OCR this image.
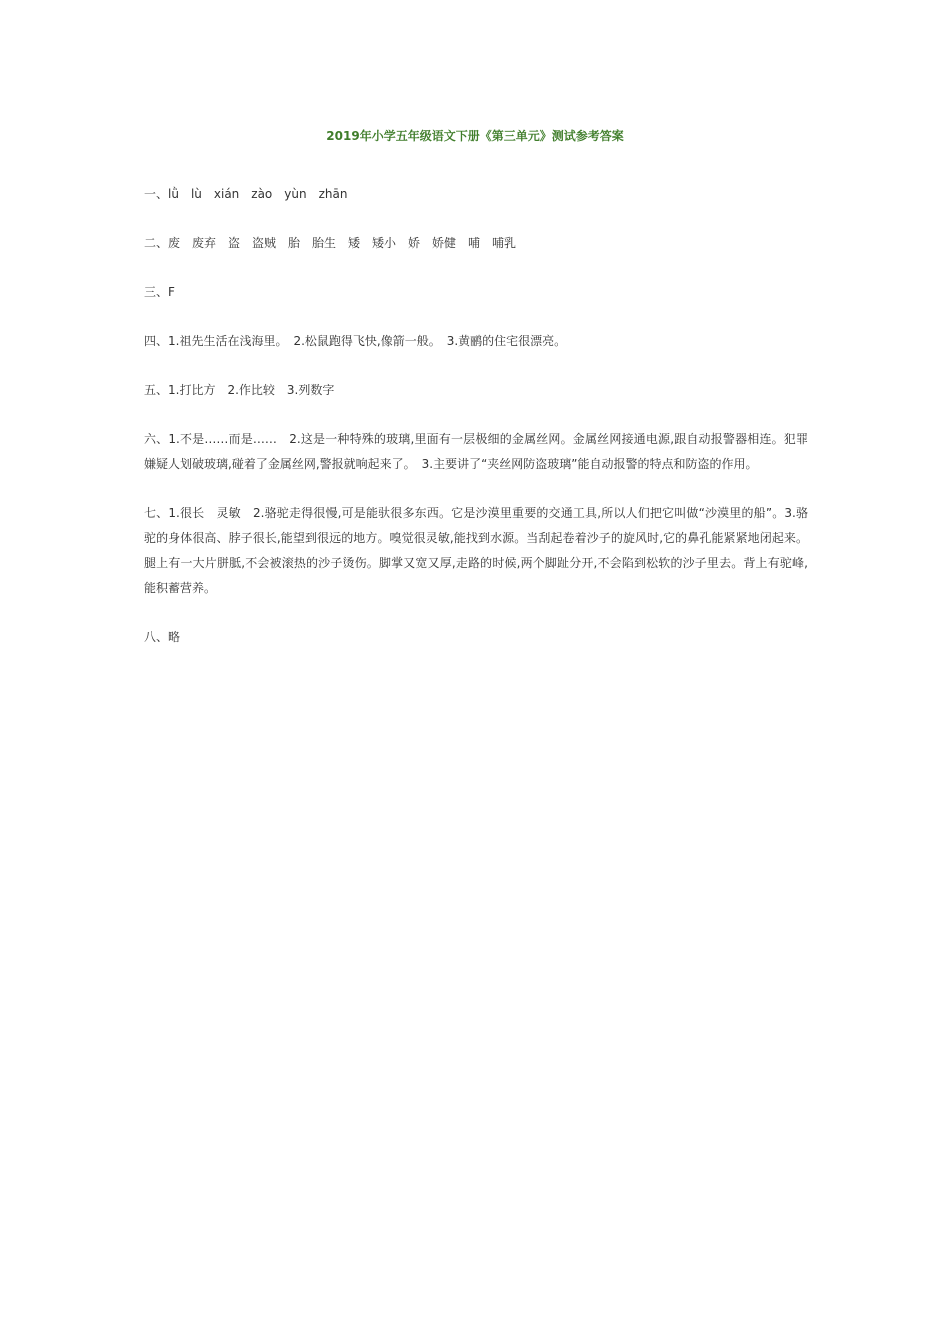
2019年小学五年级语文下册《第三单元》测试参考答案

一、lǜ　lù　xián　zào　yùn　zhān

二、废　废弃　盗　盗贼　胎　胎生　矮　矮小　娇　娇健　哺　哺乳

三、F

四、1.祖先生活在浅海里。　2.松鼠跑得飞快,像箭一般。　3.黄鹂的住宅很漂亮。

五、1.打比方　2.作比较　3.列数字

六、1.不是……而是……　2.这是一种特殊的玻璃,里面有一层极细的金属丝网。金属丝网接通电源,跟自动报警器相连。犯罪嫌疑人划破玻璃,碰着了金属丝网,警报就响起来了。　3.主要讲了“夹丝网防盗玻璃”能自动报警的特点和防盗的作用。

七、1.很长　灵敏　2.骆驼走得很慢,可是能驮很多东西。它是沙漠里重要的交通工具,所以人们把它叫做“沙漠里的船”。3.骆驼的身体很高、脖子很长,能望到很远的地方。嗅觉很灵敏,能找到水源。当刮起卷着沙子的旋风时,它的鼻孔能紧紧地闭起来。腿上有一大片胼胝,不会被滚热的沙子烫伤。脚掌又宽又厚,走路的时候,两个脚趾分开,不会陷到松软的沙子里去。背上有驼峰,能积蓄营养。

八、略
